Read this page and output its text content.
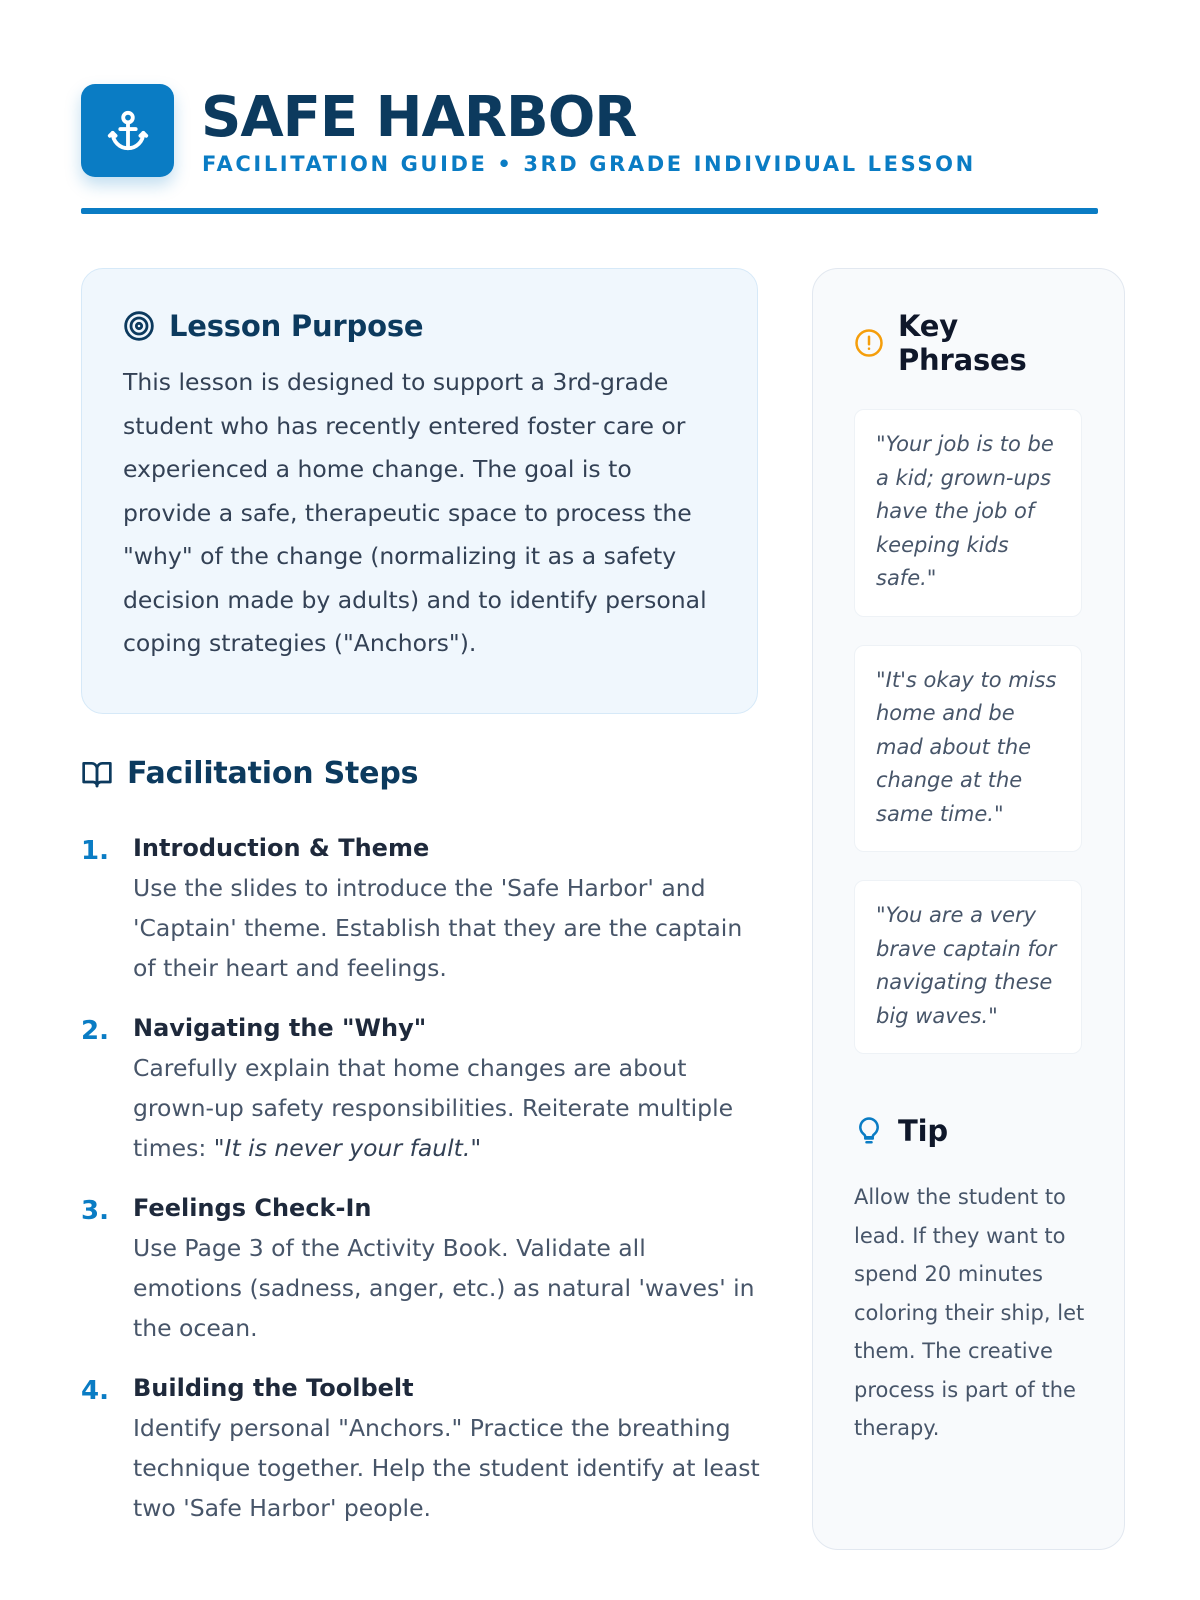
SAFE HARBOR
FACILITATION GUIDE • 3RD GRADE INDIVIDUAL LESSON
Lesson Purpose

This lesson is designed to support a 3rd-grade student who has recently entered foster care or experienced a home change. The goal is to provide a safe, therapeutic space to process the "why" of the change (normalizing it as a safety decision made by adults) and to identify personal coping strategies ("Anchors").

Facilitation Steps
1. Introduction & Theme
Use the slides to introduce the 'Safe Harbor' and 'Captain' theme. Establish that they are the captain of their heart and feelings.
2. Navigating the "Why"
Carefully explain that home changes are about grown-up safety responsibilities. Reiterate multiple times: "It is never your fault."
3. Feelings Check-In
Use Page 3 of the Activity Book. Validate all emotions (sadness, anger, etc.) as natural 'waves' in the ocean.
4. Building the Toolbelt
Identify personal "Anchors." Practice the breathing technique together. Help the student identify at least two 'Safe Harbor' people.
Key Phrases
"Your job is to be a kid; grown-ups have the job of keeping kids safe."
"It's okay to miss home and be mad about the change at the same time."
"You are a very brave captain for navigating these big waves."
Tip

Allow the student to lead. If they want to spend 20 minutes coloring their ship, let them. The creative process is part of the therapy.
